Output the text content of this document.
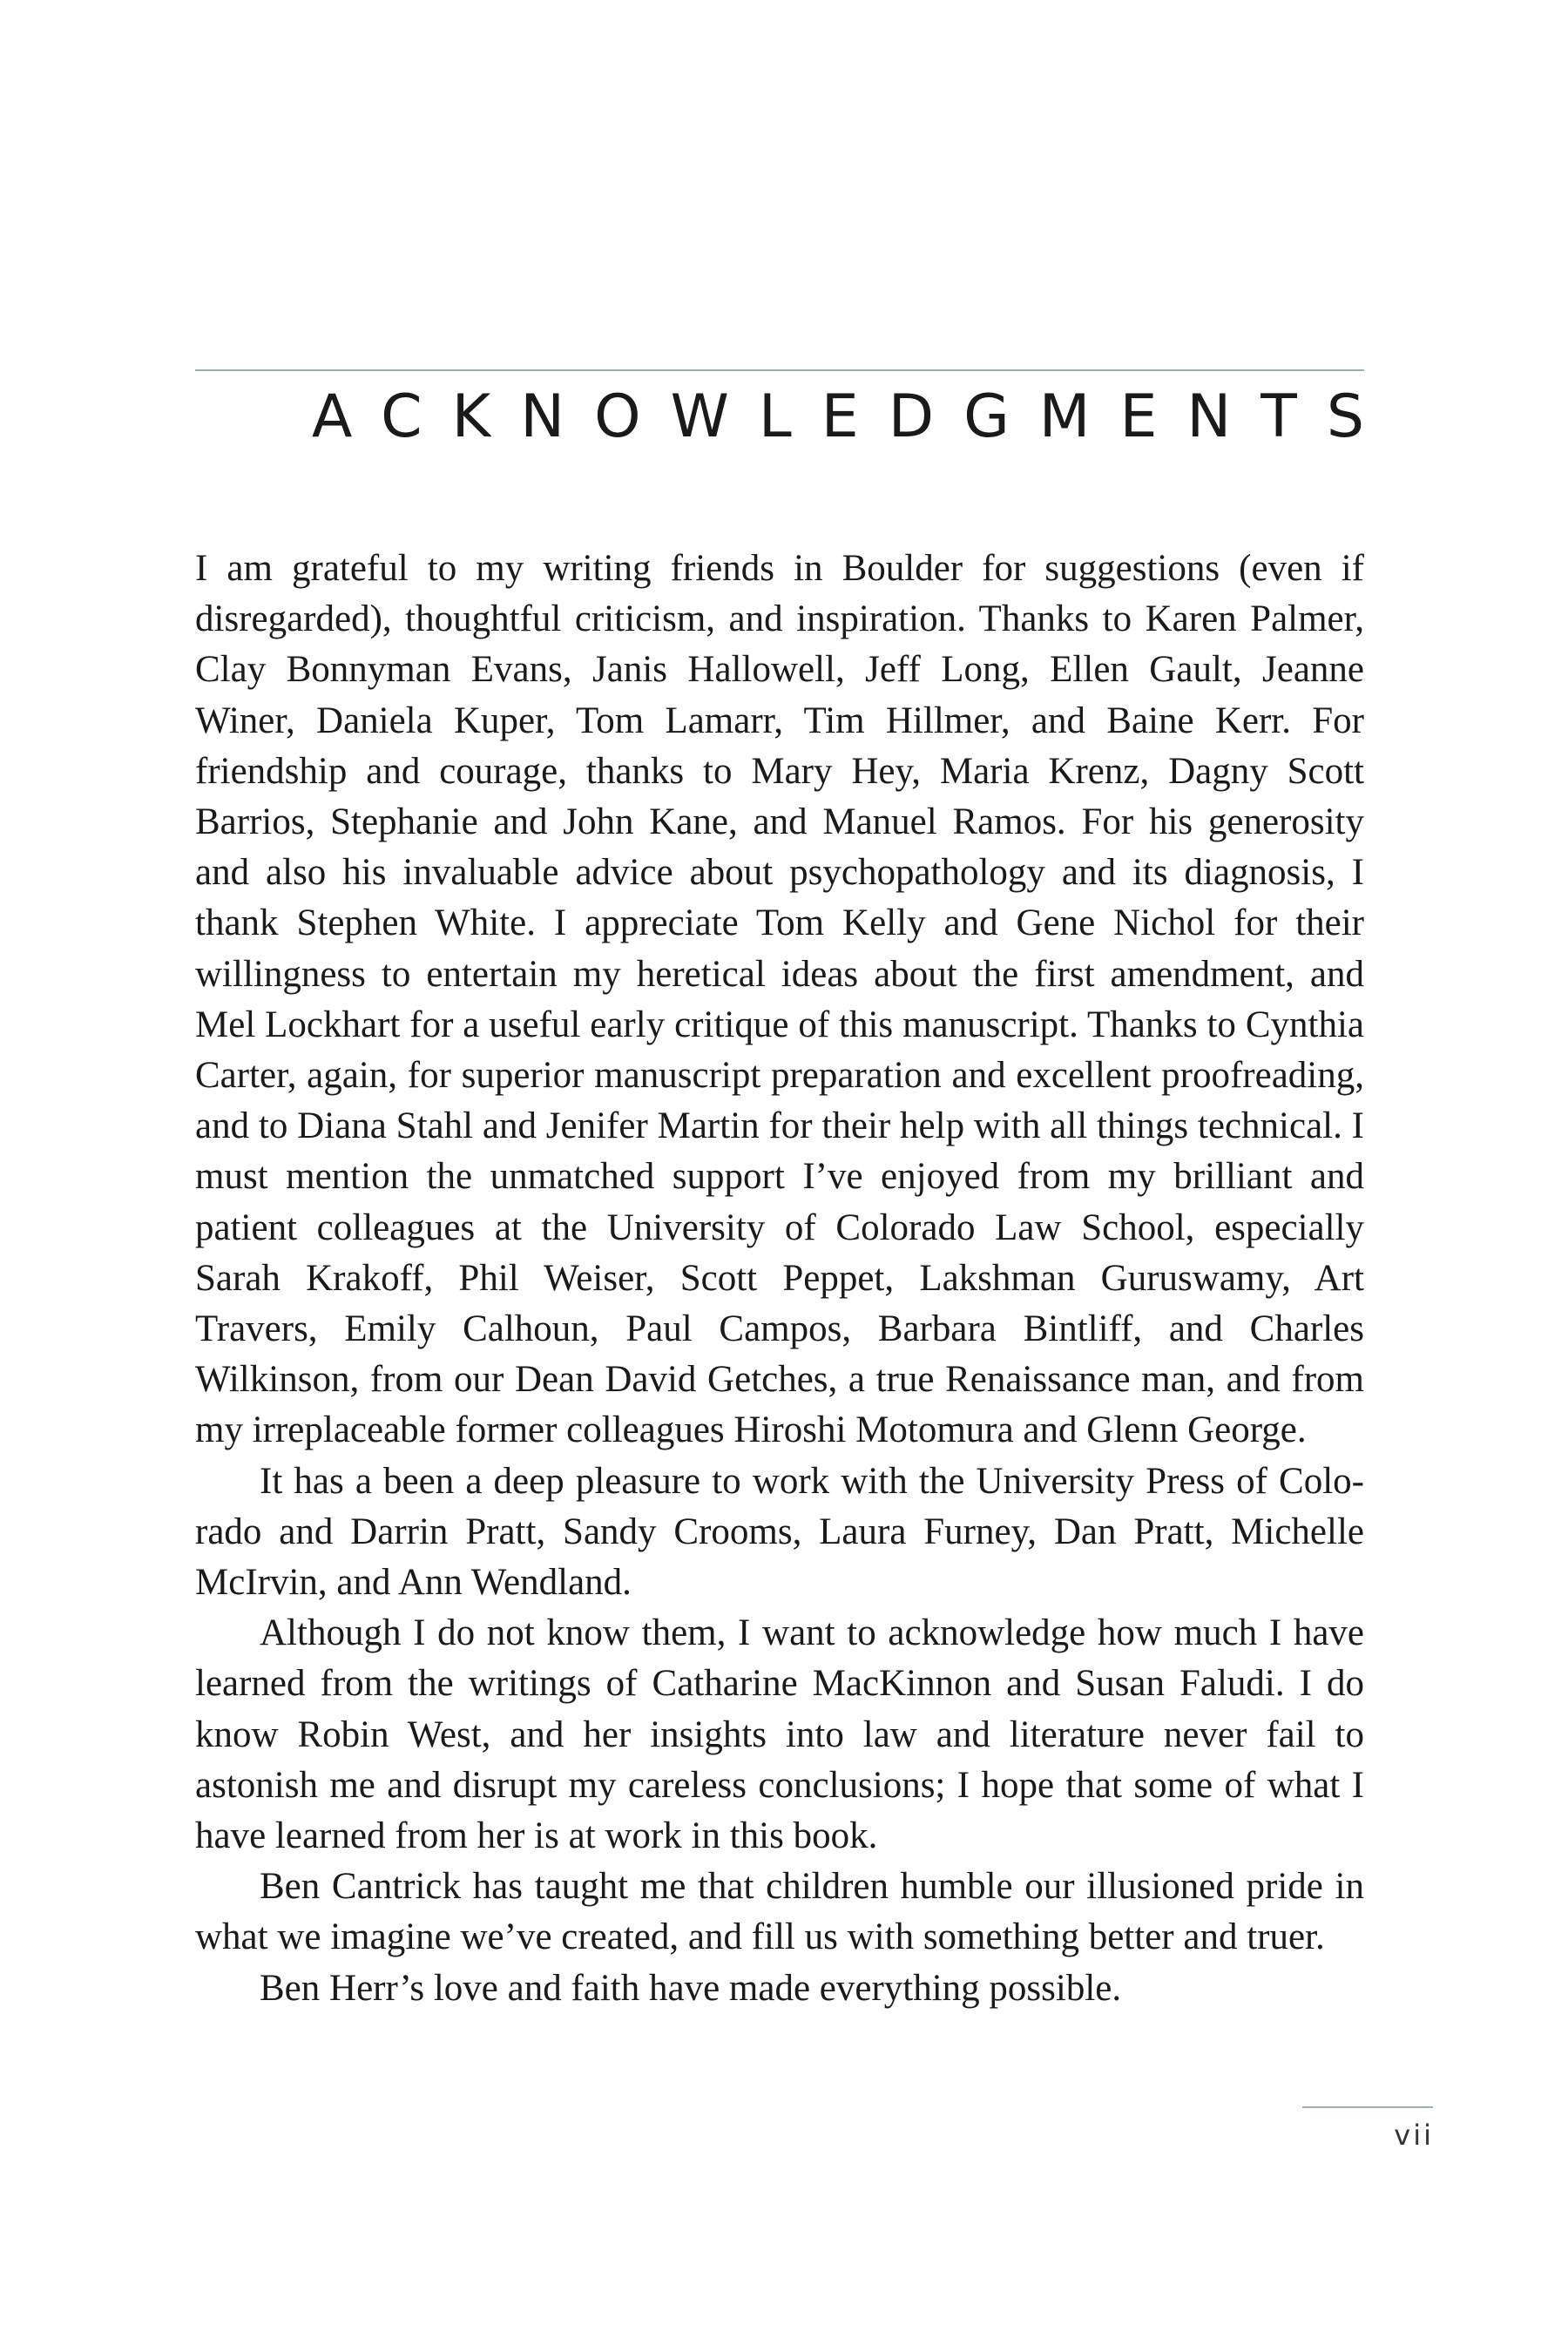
ACKNOWLEDGMENTS

I am grateful to my writing friends in Boulder for suggestions (even if disregarded), thoughtful criticism, and inspiration. Thanks to Karen Palmer, Clay Bonnyman Evans, Janis Hallowell, Jeff Long, Ellen Gault, Jeanne Winer, Daniela Kuper, Tom Lamarr, Tim Hillmer, and Baine Kerr. For friendship and courage, thanks to Mary Hey, Maria Krenz, Dagny Scott Barrios, Stephanie and John Kane, and Manuel Ramos. For his generosity and also his invaluable advice about psychopathology and its diagnosis, I thank Stephen White. I appreciate Tom Kelly and Gene Nichol for their willingness to entertain my heretical ideas about the first amendment, and Mel Lockhart for a useful early critique of this manuscript. Thanks to Cynthia Carter, again, for superior manuscript preparation and excellent proofreading, and to Diana Stahl and Jenifer Martin for their help with all things technical. I must mention the unmatched support I’ve enjoyed from my brilliant and patient colleagues at the University of Colorado Law School, especially Sarah Krakoff, Phil Weiser, Scott Peppet, Lakshman Guruswamy, Art Travers, Emily Calhoun, Paul Campos, Barbara Bintliff, and Charles Wilkinson, from our Dean David Getches, a true Renaissance man, and from my irreplaceable former colleagues Hiroshi Motomura and Glenn George.

It has a been a deep pleasure to work with the University Press of Colorado and Darrin Pratt, Sandy Crooms, Laura Furney, Dan Pratt, Michelle McIrvin, and Ann Wendland.

Although I do not know them, I want to acknowledge how much I have learned from the writings of Catharine MacKinnon and Susan Faludi. I do know Robin West, and her insights into law and literature never fail to astonish me and disrupt my careless conclusions; I hope that some of what I have learned from her is at work in this book.

Ben Cantrick has taught me that children humble our illusioned pride in what we imagine we’ve created, and fill us with something better and truer.

Ben Herr’s love and faith have made everything possible.

vii
